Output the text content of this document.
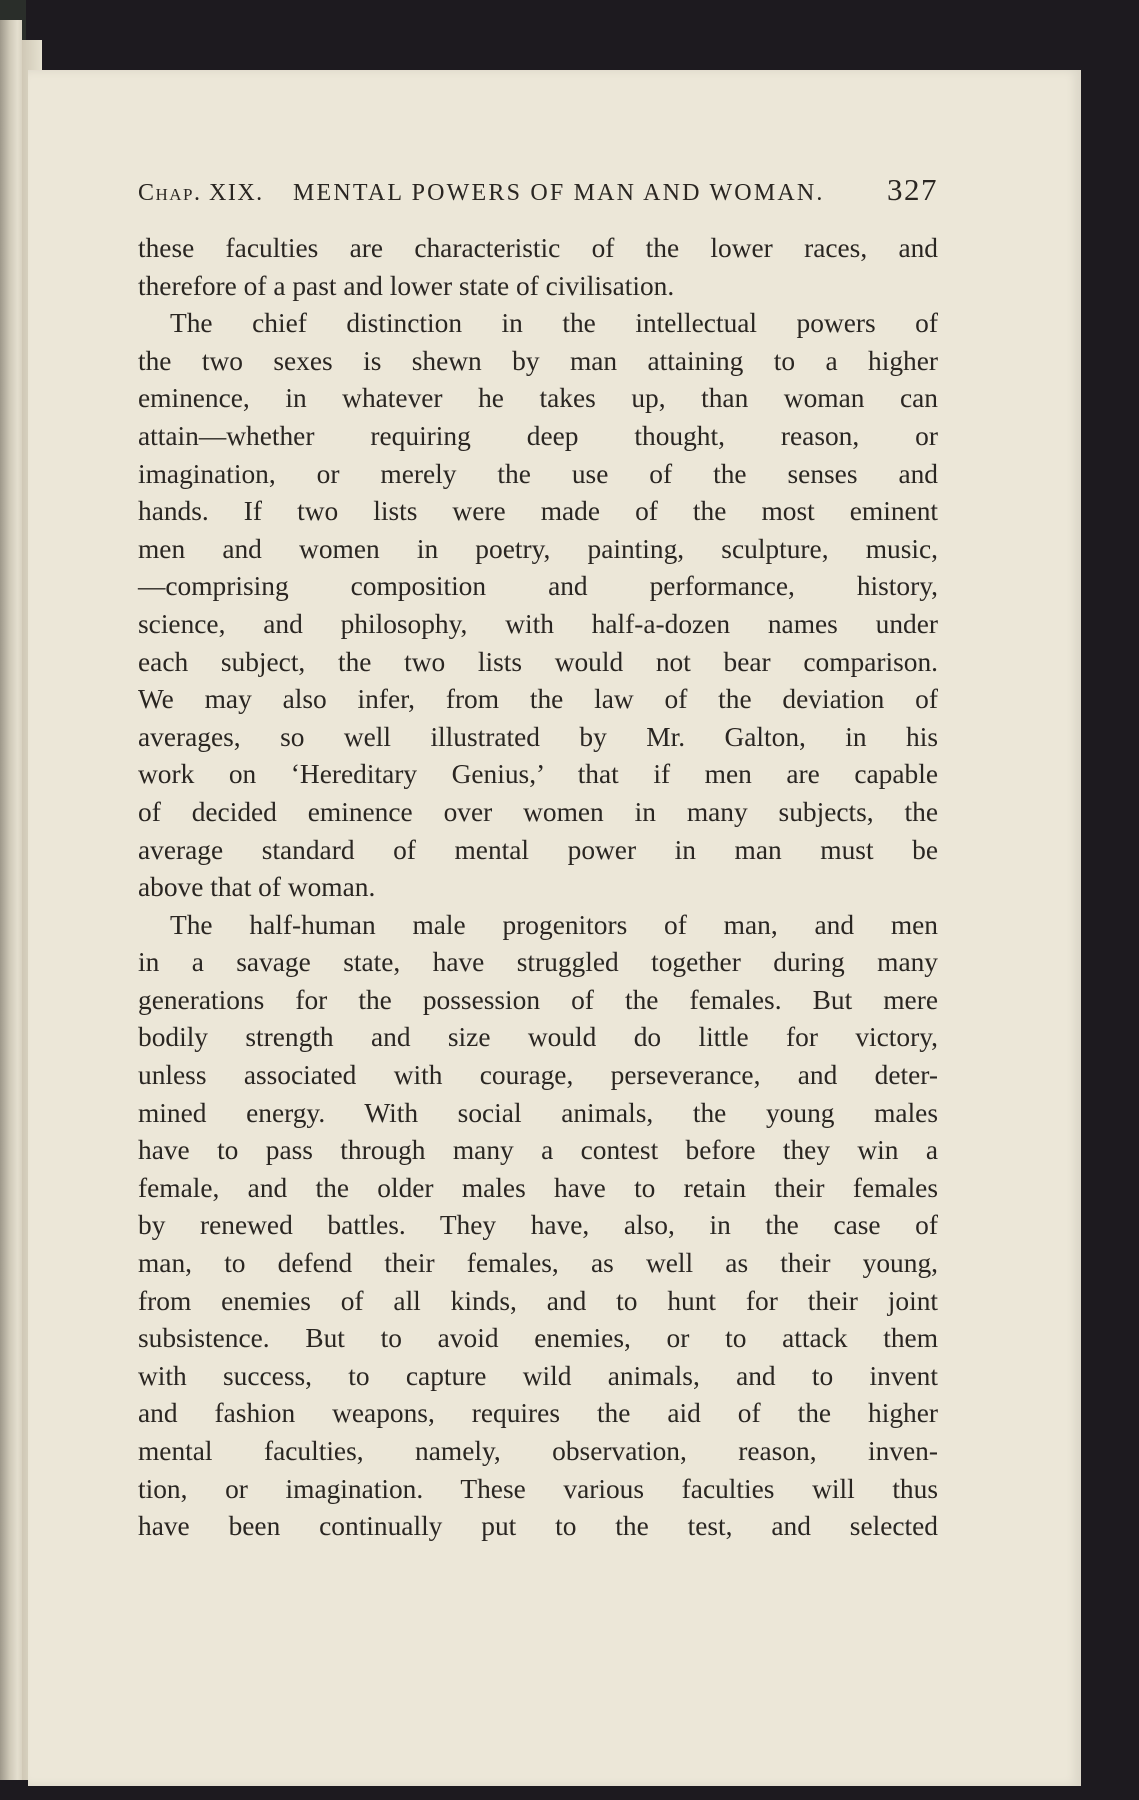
Chap. XIX. MENTAL POWERS OF MAN AND WOMAN. 327
these faculties are characteristic of the lower races, and
therefore of a past and lower state of civilisation.
The chief distinction in the intellectual powers of
the two sexes is shewn by man attaining to a higher
eminence, in whatever he takes up, than woman can
attain—whether requiring deep thought, reason, or
imagination, or merely the use of the senses and
hands. If two lists were made of the most eminent
men and women in poetry, painting, sculpture, music,
—comprising composition and performance, history,
science, and philosophy, with half-a-dozen names under
each subject, the two lists would not bear comparison.
We may also infer, from the law of the deviation of
averages, so well illustrated by Mr. Galton, in his
work on ‘Hereditary Genius,’ that if men are capable
of decided eminence over women in many subjects, the
average standard of mental power in man must be
above that of woman.
The half-human male progenitors of man, and men
in a savage state, have struggled together during many
generations for the possession of the females. But mere
bodily strength and size would do little for victory,
unless associated with courage, perseverance, and deter-
mined energy. With social animals, the young males
have to pass through many a contest before they win a
female, and the older males have to retain their females
by renewed battles. They have, also, in the case of
man, to defend their females, as well as their young,
from enemies of all kinds, and to hunt for their joint
subsistence. But to avoid enemies, or to attack them
with success, to capture wild animals, and to invent
and fashion weapons, requires the aid of the higher
mental faculties, namely, observation, reason, inven-
tion, or imagination. These various faculties will thus
have been continually put to the test, and selected
